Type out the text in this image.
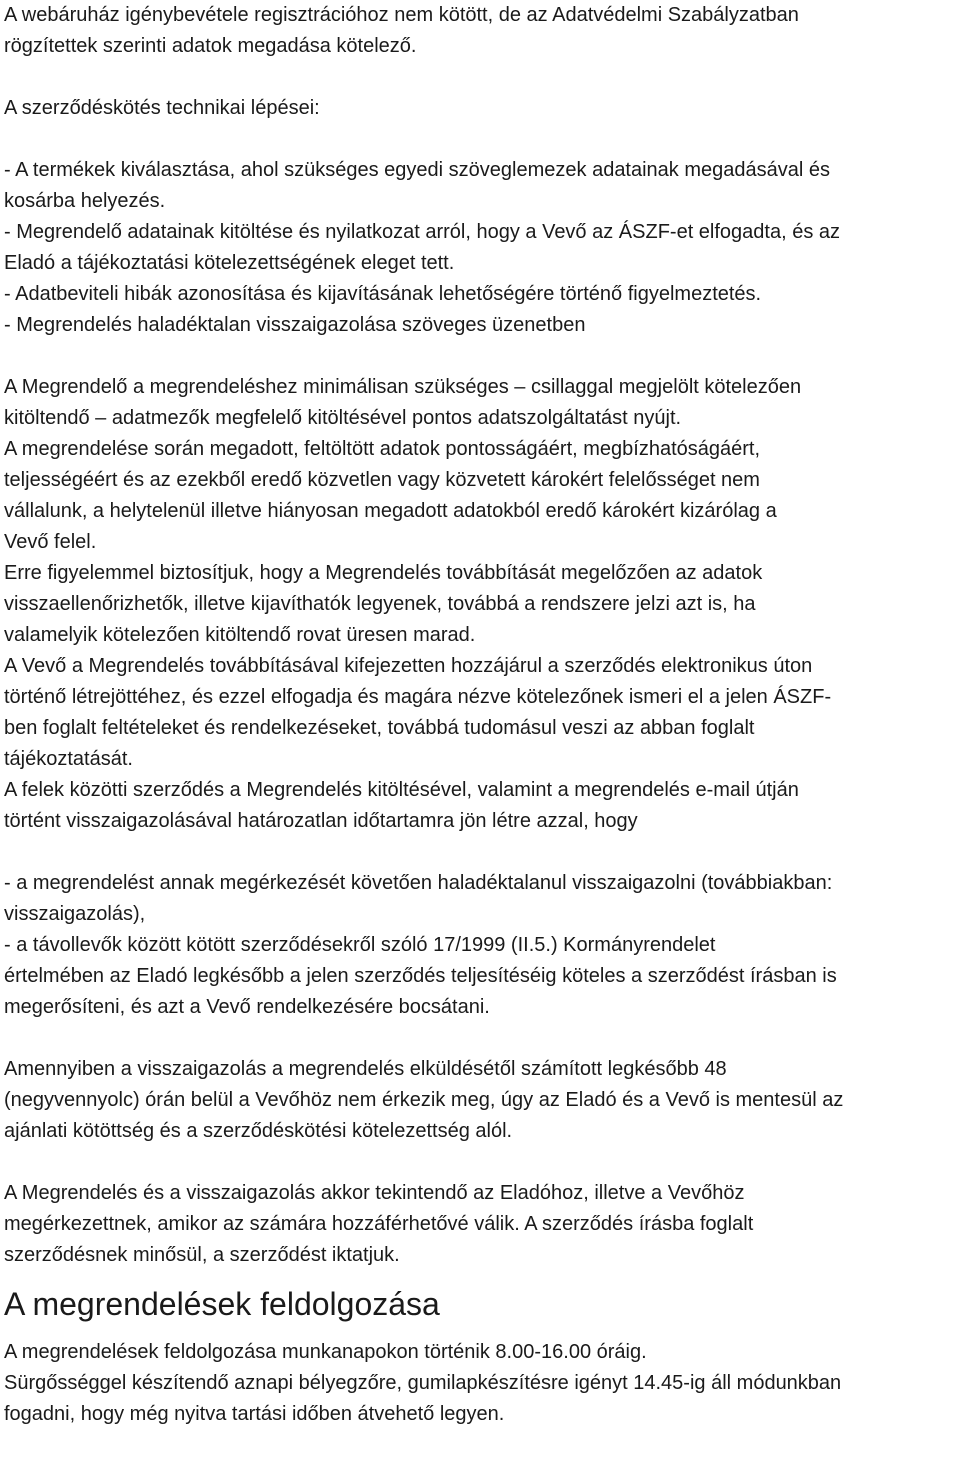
A webáruház igénybevétele regisztrációhoz nem kötött, de az Adatvédelmi Szabályzatban
rögzítettek szerinti adatok megadása kötelező.
A szerződéskötés technikai lépései:
- A termékek kiválasztása, ahol szükséges egyedi szöveglemezek adatainak megadásával és
kosárba helyezés.
- Megrendelő adatainak kitöltése és nyilatkozat arról, hogy a Vevő az ÁSZF-et elfogadta, és az
Eladó a tájékoztatási kötelezettségének eleget tett.
- Adatbeviteli hibák azonosítása és kijavításának lehetőségére történő figyelmeztetés.
- Megrendelés haladéktalan visszaigazolása szöveges üzenetben
A Megrendelő a megrendeléshez minimálisan szükséges – csillaggal megjelölt kötelezően
kitöltendő – adatmezők megfelelő kitöltésével pontos adatszolgáltatást nyújt.
A megrendelése során megadott, feltöltött adatok pontosságáért, megbízhatóságáért,
teljességéért és az ezekből eredő közvetlen vagy közvetett károkért felelősséget nem
vállalunk, a helytelenül illetve hiányosan megadott adatokból eredő károkért kizárólag a
Vevő felel.
Erre figyelemmel biztosítjuk, hogy a Megrendelés továbbítását megelőzően az adatok
visszaellenőrizhetők, illetve kijavíthatók legyenek, továbbá a rendszere jelzi azt is, ha
valamelyik kötelezően kitöltendő rovat üresen marad.
A Vevő a Megrendelés továbbításával kifejezetten hozzájárul a szerződés elektronikus úton
történő létrejöttéhez, és ezzel elfogadja és magára nézve kötelezőnek ismeri el a jelen ÁSZF-
ben foglalt feltételeket és rendelkezéseket, továbbá tudomásul veszi az abban foglalt
tájékoztatását.
A felek közötti szerződés a Megrendelés kitöltésével, valamint a megrendelés e-mail útján
történt visszaigazolásával határozatlan időtartamra jön létre azzal, hogy
- a megrendelést annak megérkezését követően haladéktalanul visszaigazolni (továbbiakban:
visszaigazolás),
- a távollevők között kötött szerződésekről szóló 17/1999 (II.5.) Kormányrendelet
értelmében az Eladó legkésőbb a jelen szerződés teljesítéséig köteles a szerződést írásban is
megerősíteni, és azt a Vevő rendelkezésére bocsátani.
Amennyiben a visszaigazolás a megrendelés elküldésétől számított legkésőbb 48
(negyvennyolc) órán belül a Vevőhöz nem érkezik meg, úgy az Eladó és a Vevő is mentesül az
ajánlati kötöttség és a szerződéskötési kötelezettség alól.
A Megrendelés és a visszaigazolás akkor tekintendő az Eladóhoz, illetve a Vevőhöz
megérkezettnek, amikor az számára hozzáférhetővé válik. A szerződés írásba foglalt
szerződésnek minősül, a szerződést iktatjuk.
A megrendelések feldolgozása
A megrendelések feldolgozása munkanapokon történik 8.00-16.00 óráig.
Sürgősséggel készítendő aznapi bélyegzőre, gumilapkészítésre igényt 14.45-ig áll módunkban
fogadni, hogy még nyitva tartási időben átvehető legyen.
